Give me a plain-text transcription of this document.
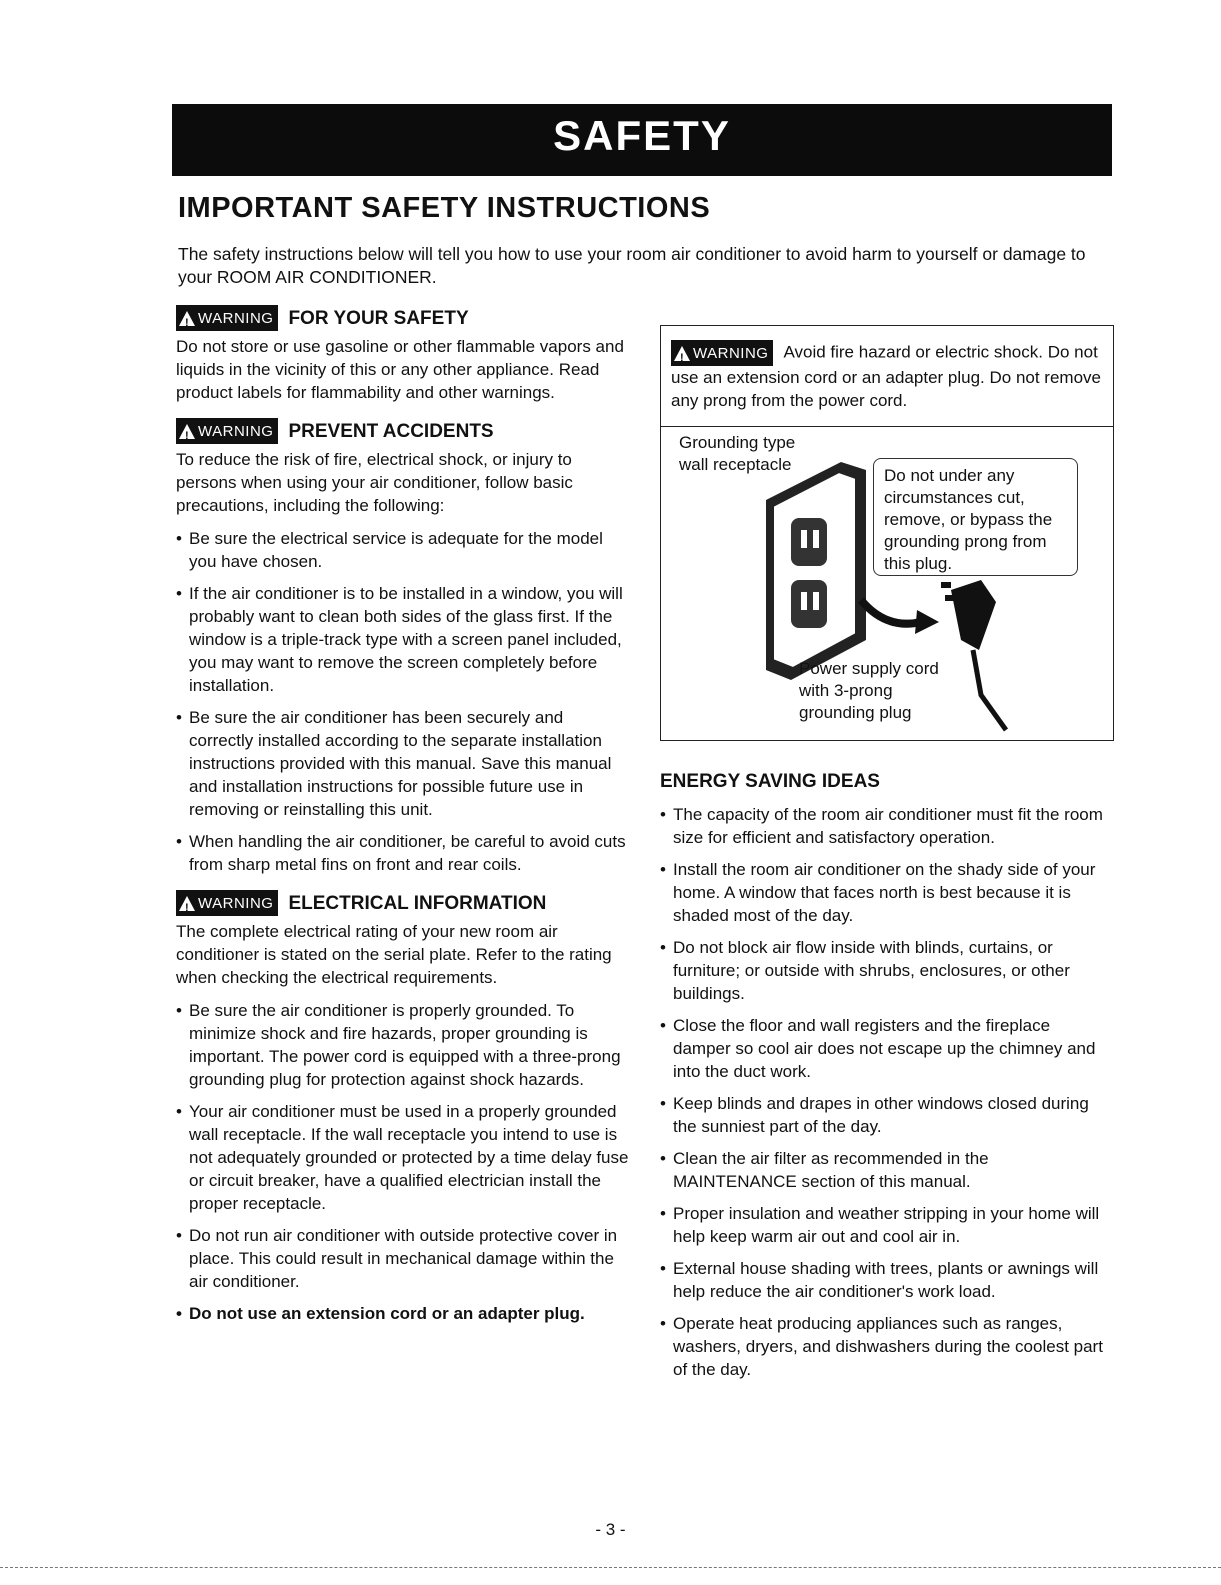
SAFETY
IMPORTANT SAFETY INSTRUCTIONS
The safety instructions below will tell you how to use your room air conditioner to avoid harm to yourself or damage to your ROOM AIR CONDITIONER.
!
WARNING FOR YOUR SAFETY

Do not store or use gasoline or other flammable vapors and liquids in the vicinity of this or any other appliance. Read product labels for flammability and other warnings.

!
WARNING PREVENT ACCIDENTS

To reduce the risk of fire, electrical shock, or injury to persons when using your air conditioner, follow basic precautions, including the following:

• Be sure the electrical service is adequate for the model you have chosen.
• If the air conditioner is to be installed in a window, you will probably want to clean both sides of the glass first. If the window is a triple-track type with a screen panel included, you may want to remove the screen completely before installation.
• Be sure the air conditioner has been securely and correctly installed according to the separate installation instructions provided with this manual. Save this manual and installation instructions for possible future use in removing or reinstalling this unit.
• When handling the air conditioner, be careful to avoid cuts from sharp metal fins on front and rear coils.
!
WARNING ELECTRICAL INFORMATION

The complete electrical rating of your new room air conditioner is stated on the serial plate. Refer to the rating when checking the electrical requirements.

• Be sure the air conditioner is properly grounded. To minimize shock and fire hazards, proper grounding is important. The power cord is equipped with a three-prong grounding plug for protection against shock hazards.
• Your air conditioner must be used in a properly grounded wall receptacle. If the wall receptacle you intend to use is not adequately grounded or protected by a time delay fuse or circuit breaker, have a qualified electrician install the proper receptacle.
• Do not run air conditioner with outside protective cover in place. This could result in mechanical damage within the air conditioner.
• Do not use an extension cord or an adapter plug.
!
WARNING Avoid fire hazard or electric shock. Do not use an extension cord or an adapter plug. Do not remove any prong from the power cord.
Grounding type
wall receptacle
Do not under any circumstances cut, remove, or bypass the grounding prong from this plug.
Power supply cord
with 3-prong
grounding plug
ENERGY SAVING IDEAS
• The capacity of the room air conditioner must fit the room size for efficient and satisfactory operation.
• Install the room air conditioner on the shady side of your home. A window that faces north is best because it is shaded most of the day.
• Do not block air flow inside with blinds, curtains, or furniture; or outside with shrubs, enclosures, or other buildings.
• Close the floor and wall registers and the fireplace damper so cool air does not escape up the chimney and into the duct work.
• Keep blinds and drapes in other windows closed during the sunniest part of the day.
• Clean the air filter as recommended in the MAINTENANCE section of this manual.
• Proper insulation and weather stripping in your home will help keep warm air out and cool air in.
• External house shading with trees, plants or awnings will help reduce the air conditioner's work load.
• Operate heat producing appliances such as ranges, washers, dryers, and dishwashers during the coolest part of the day.
- 3 -
